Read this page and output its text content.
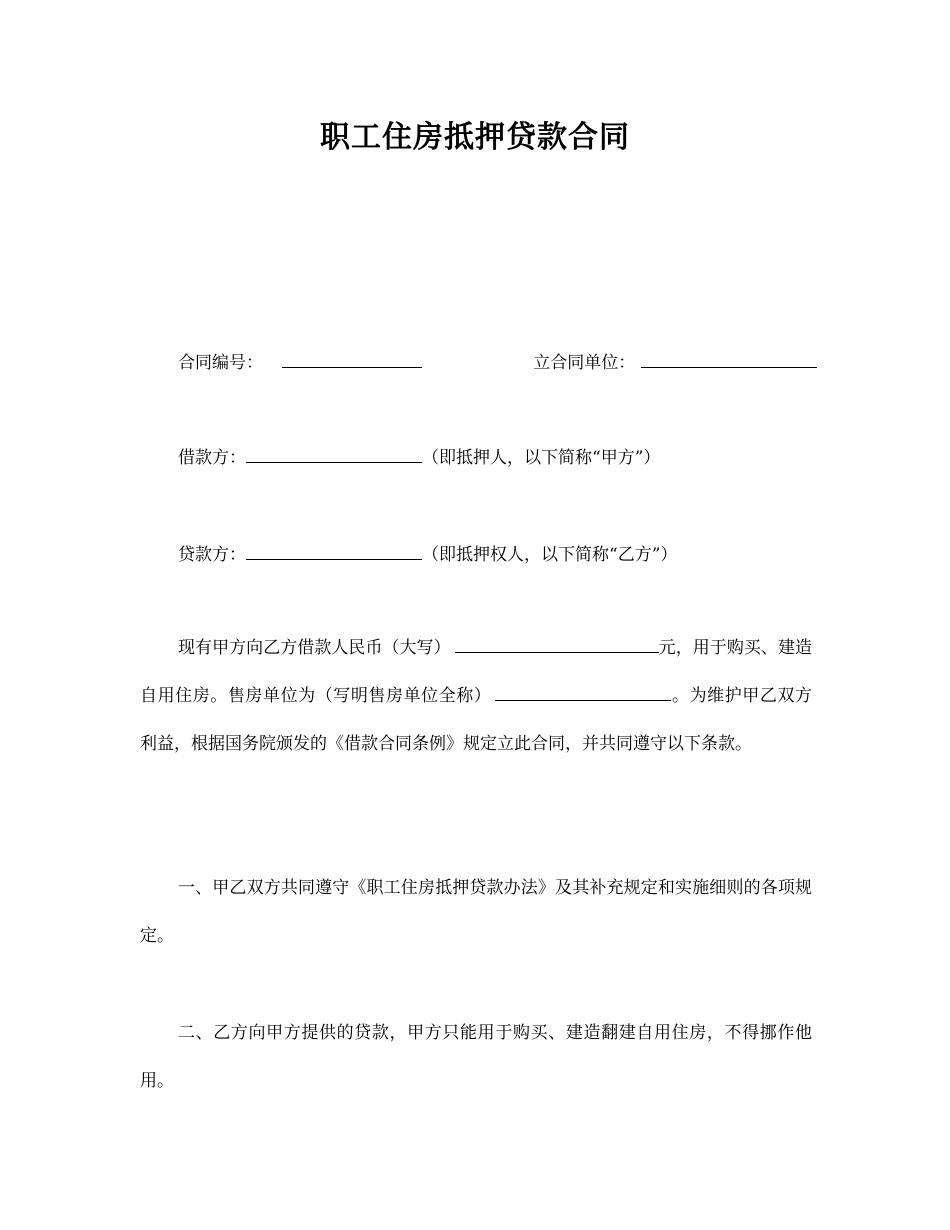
职工住房抵押贷款合同
合同编号：	立合同单位：
借款方：	（即抵押人，以下简称“甲方”）
贷款方：	（即抵押权人，以下简称“乙方”）
现有甲方向乙方借款人民币（大写）	元，用于购买、建造自用住房。售房单位为（写明售房单位全称）	。为维护甲乙双方利益，根据国务院颁发的《借款合同条例》规定立此合同，并共同遵守以下条款。
一、甲乙双方共同遵守《职工住房抵押贷款办法》及其补充规定和实施细则的各项规定。
二、乙方向甲方提供的贷款，甲方只能用于购买、建造翻建自用住房，不得挪作他用。
